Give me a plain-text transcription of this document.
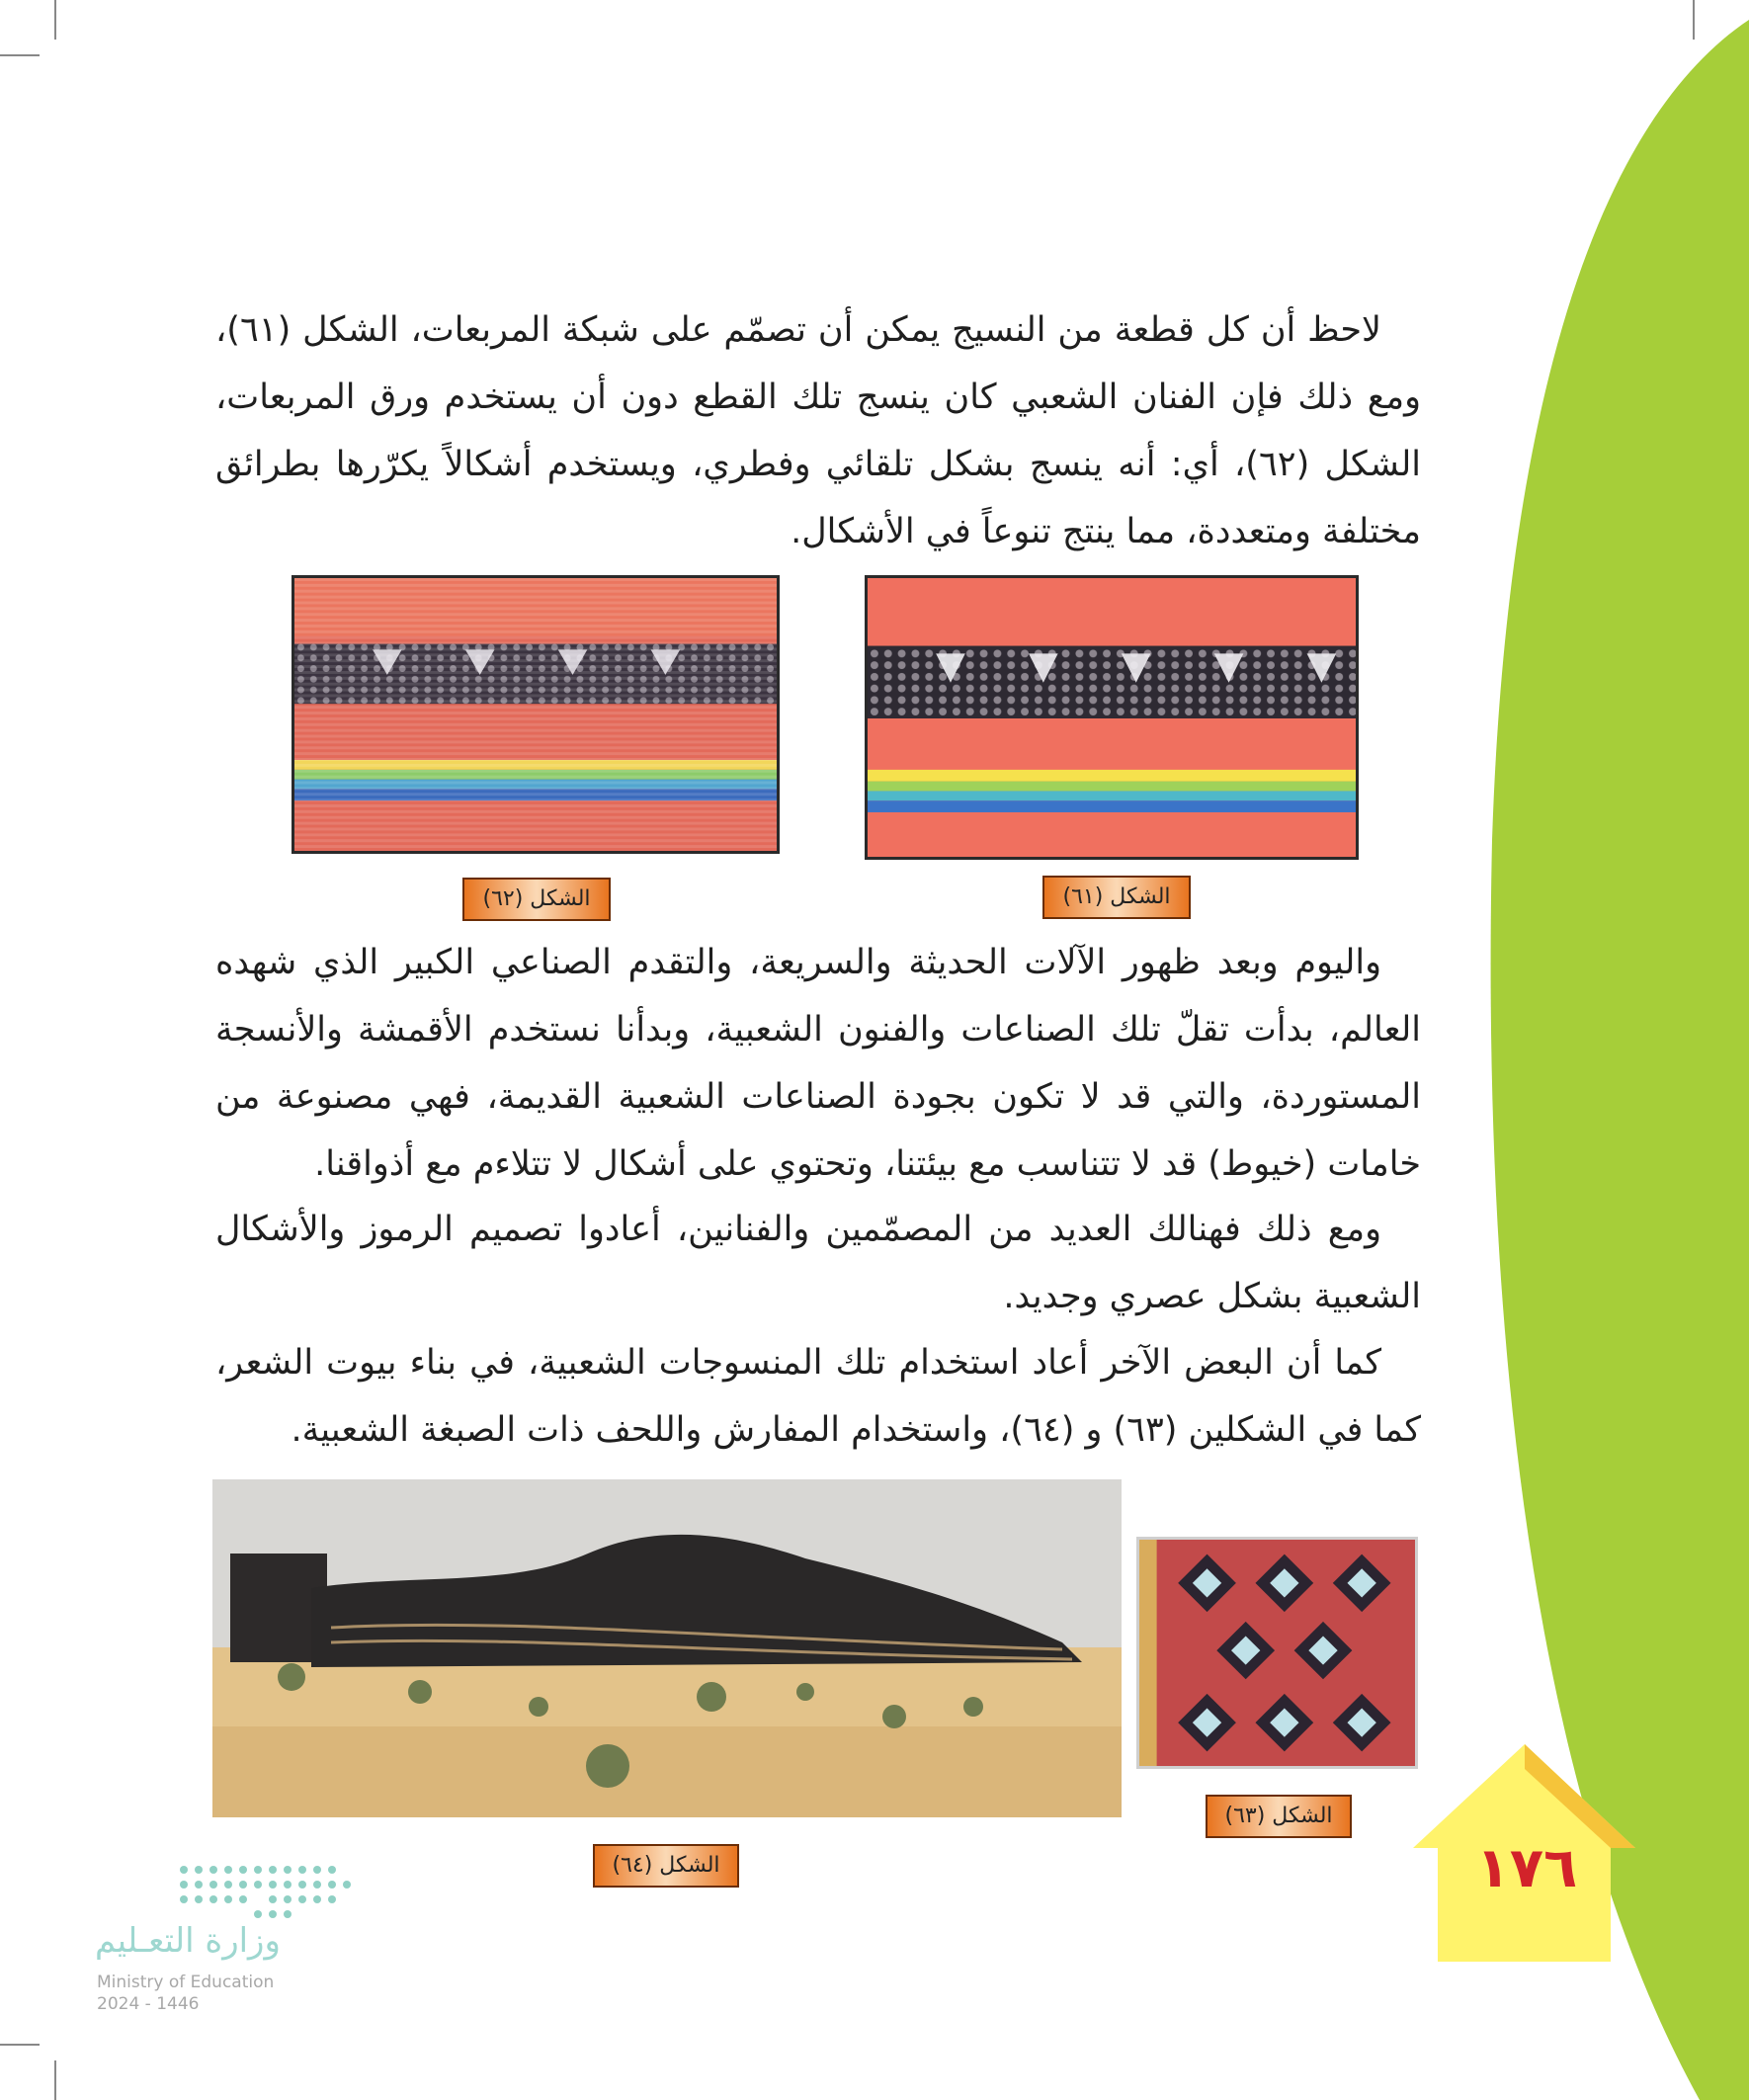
لاحظ أن كل قطعة من النسيج يمكن أن تصمّم على شبكة المربعات، الشكل (٦١)، ومع ذلك فإن الفنان الشعبي كان ينسج تلك القطع دون أن يستخدم ورق المربعات، الشكل (٦٢)، أي: أنه ينسج بشكل تلقائي وفطري، ويستخدم أشكالاً يكرّرها بطرائق مختلفة ومتعددة، مما ينتج تنوعاً في الأشكال.
الشكل (٦١)
الشكل (٦٢)
واليوم وبعد ظهور الآلات الحديثة والسريعة، والتقدم الصناعي الكبير الذي شهده العالم، بدأت تقلّ تلك الصناعات والفنون الشعبية، وبدأنا نستخدم الأقمشة والأنسجة المستوردة، والتي قد لا تكون بجودة الصناعات الشعبية القديمة، فهي مصنوعة من خامات (خيوط) قد لا تتناسب مع بيئتنا، وتحتوي على أشكال لا تتلاءم مع أذواقنا.
ومع ذلك فهنالك العديد من المصمّمين والفنانين، أعادوا تصميم الرموز والأشكال الشعبية بشكل عصري وجديد.
كما أن البعض الآخر أعاد استخدام تلك المنسوجات الشعبية، في بناء بيوت الشعر، كما في الشكلين (٦٣) و (٦٤)، واستخدام المفارش واللحف ذات الصبغة الشعبية.
الشكل (٦٣)
الشكل (٦٤)	١٧٦
وزارة التعـليم
Ministry of Education
2024 - 1446
